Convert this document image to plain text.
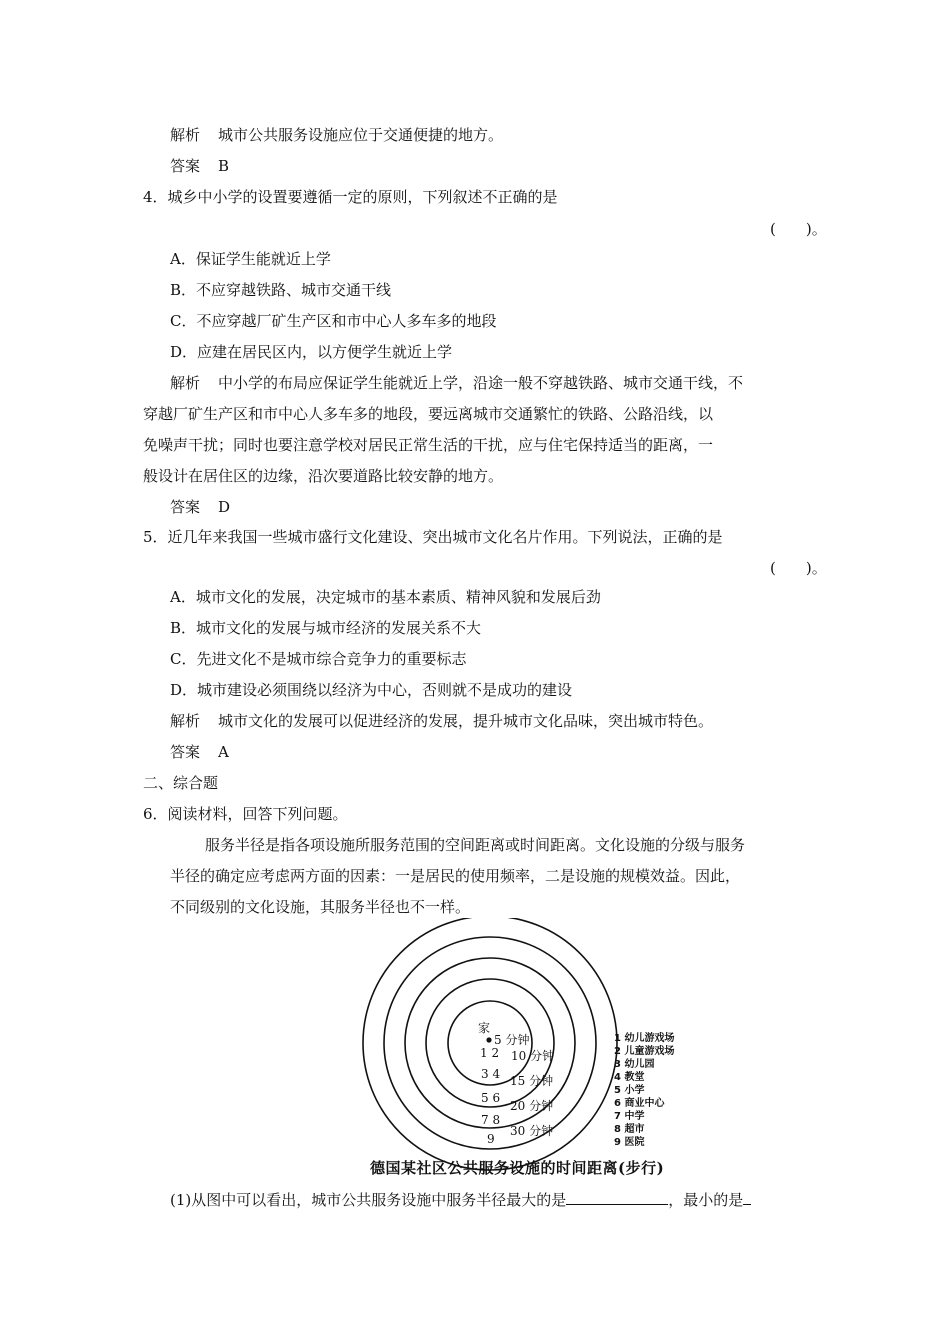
解析 城市公共服务设施应位于交通便捷的地方。
答案 B
4．城乡中小学的设置要遵循一定的原则，下列叙述不正确的是
(　　)。
A．保证学生能就近上学
B．不应穿越铁路、城市交通干线
C．不应穿越厂矿生产区和市中心人多车多的地段
D．应建在居民区内，以方便学生就近上学
解析 中小学的布局应保证学生能就近上学，沿途一般不穿越铁路、城市交通干线，不
穿越厂矿生产区和市中心人多车多的地段，要远离城市交通繁忙的铁路、公路沿线，以
免噪声干扰；同时也要注意学校对居民正常生活的干扰，应与住宅保持适当的距离，一
般设计在居住区的边缘，沿次要道路比较安静的地方。
答案 D
5．近几年来我国一些城市盛行文化建设、突出城市文化名片作用。下列说法，正确的是
(　　)。
A．城市文化的发展，决定城市的基本素质、精神风貌和发展后劲
B．城市文化的发展与城市经济的发展关系不大
C．先进文化不是城市综合竞争力的重要标志
D．城市建设必须围绕以经济为中心，否则就不是成功的建设
解析 城市文化的发展可以促进经济的发展，提升城市文化品味，突出城市特色。
答案 A
二、综合题
6．阅读材料，回答下列问题。
服务半径是指各项设施所服务范围的空间距离或时间距离。文化设施的分级与服务
半径的确定应考虑两方面的因素：一是居民的使用频率，二是设施的规模效益。因此，
不同级别的文化设施，其服务半径也不一样。
家
5 分钟
10 分钟
15 分钟
20 分钟
30 分钟
1 2
3 4
5 6
7 8
9
1 幼儿游戏场
2 儿童游戏场
3 幼儿园
4 教堂
5 小学
6 商业中心
7 中学
8 超市
9 医院
德国某社区公共服务设施的时间距离(步行)
(1)从图中可以看出，城市公共服务设施中服务半径最大的是	，最小的是
